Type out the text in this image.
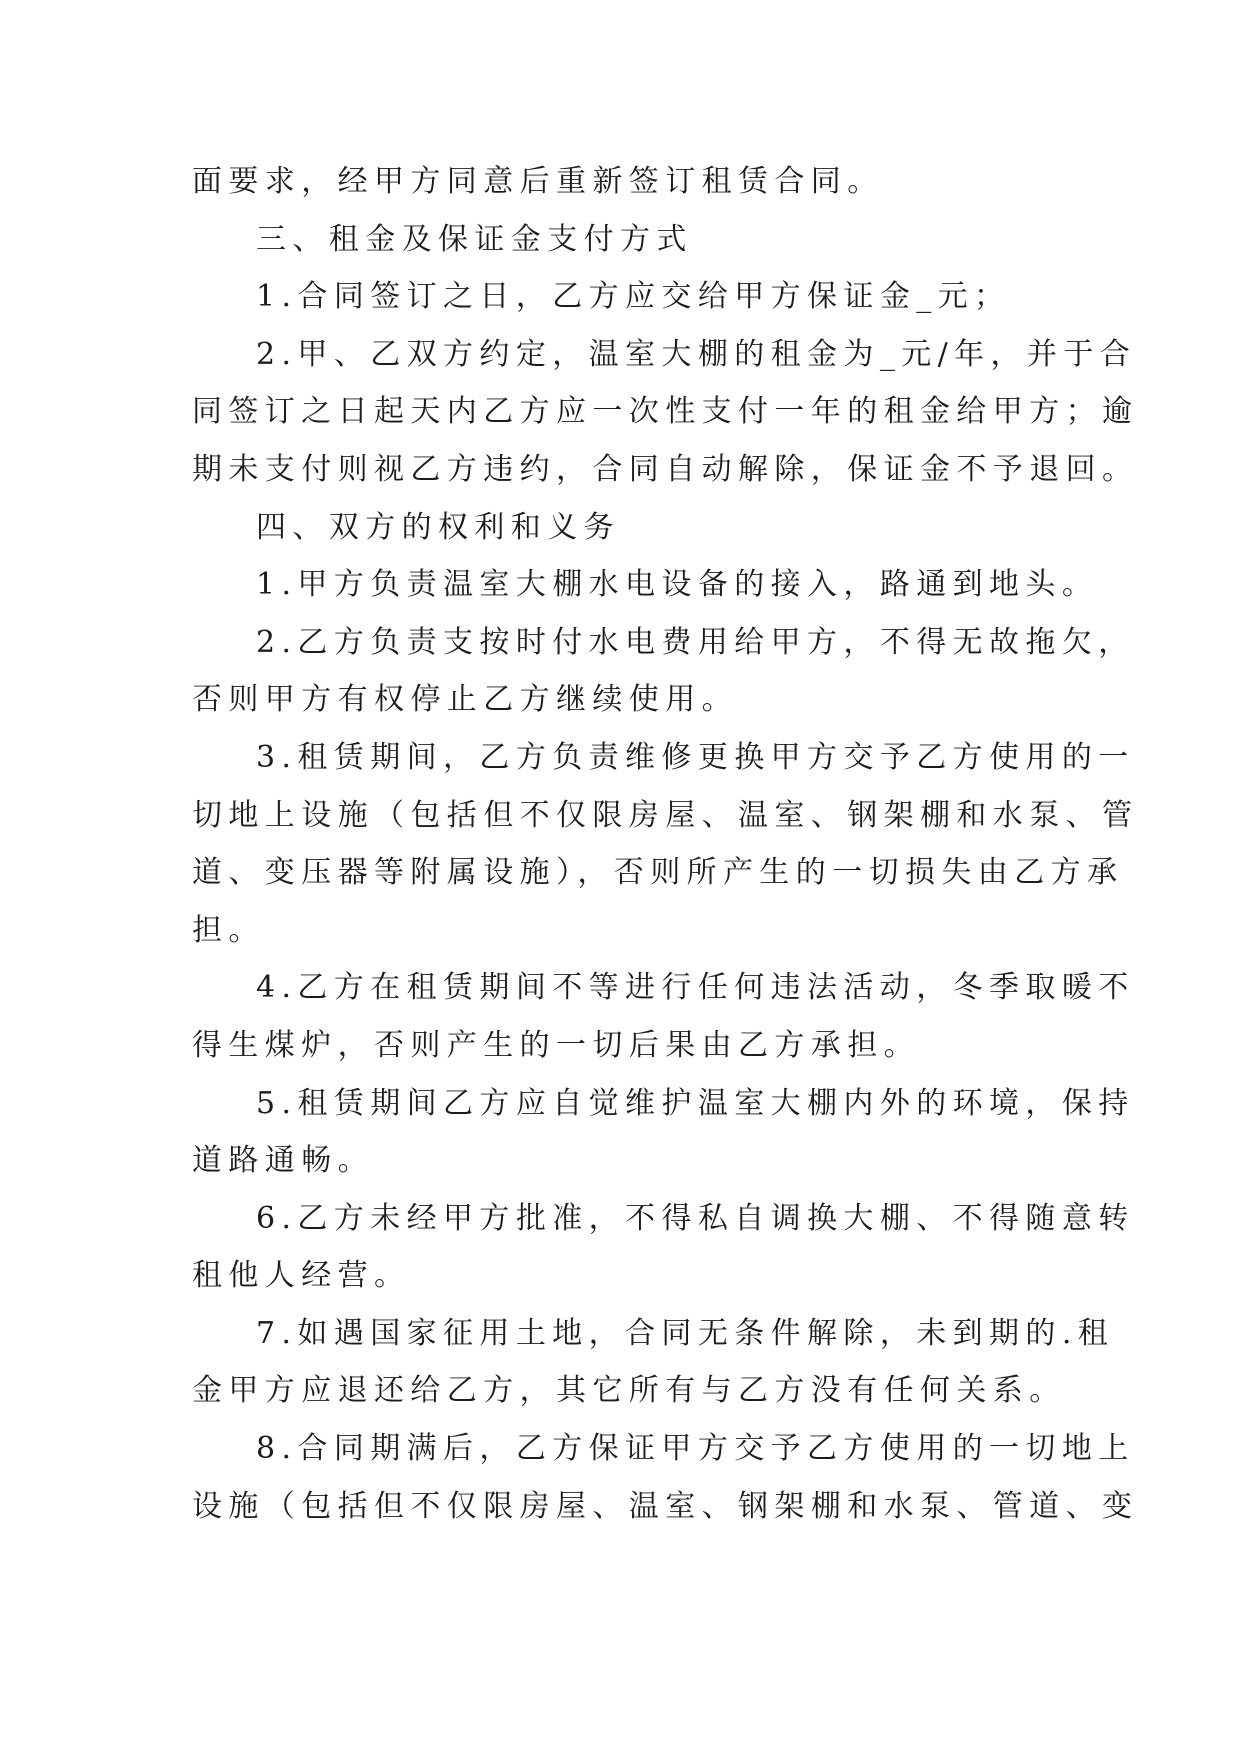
面要求，经甲方同意后重新签订租赁合同。
三、租金及保证金支付方式
1.合同签订之日，乙方应交给甲方保证金_元；
2.甲、乙双方约定，温室大棚的租金为_元/年，并于合
同签订之日起天内乙方应一次性支付一年的租金给甲方；逾
期未支付则视乙方违约，合同自动解除，保证金不予退回。
四、双方的权利和义务
1.甲方负责温室大棚水电设备的接入，路通到地头。
2.乙方负责支按时付水电费用给甲方，不得无故拖欠，
否则甲方有权停止乙方继续使用。
3.租赁期间，乙方负责维修更换甲方交予乙方使用的一
切地上设施（包括但不仅限房屋、温室、钢架棚和水泵、管
道、变压器等附属设施），否则所产生的一切损失由乙方承
担。
4.乙方在租赁期间不等进行任何违法活动，冬季取暖不
得生煤炉，否则产生的一切后果由乙方承担。
5.租赁期间乙方应自觉维护温室大棚内外的环境，保持
道路通畅。
6.乙方未经甲方批准，不得私自调换大棚、不得随意转
租他人经营。
7.如遇国家征用土地，合同无条件解除，未到期的.租
金甲方应退还给乙方，其它所有与乙方没有任何关系。
8.合同期满后，乙方保证甲方交予乙方使用的一切地上
设施（包括但不仅限房屋、温室、钢架棚和水泵、管道、变
